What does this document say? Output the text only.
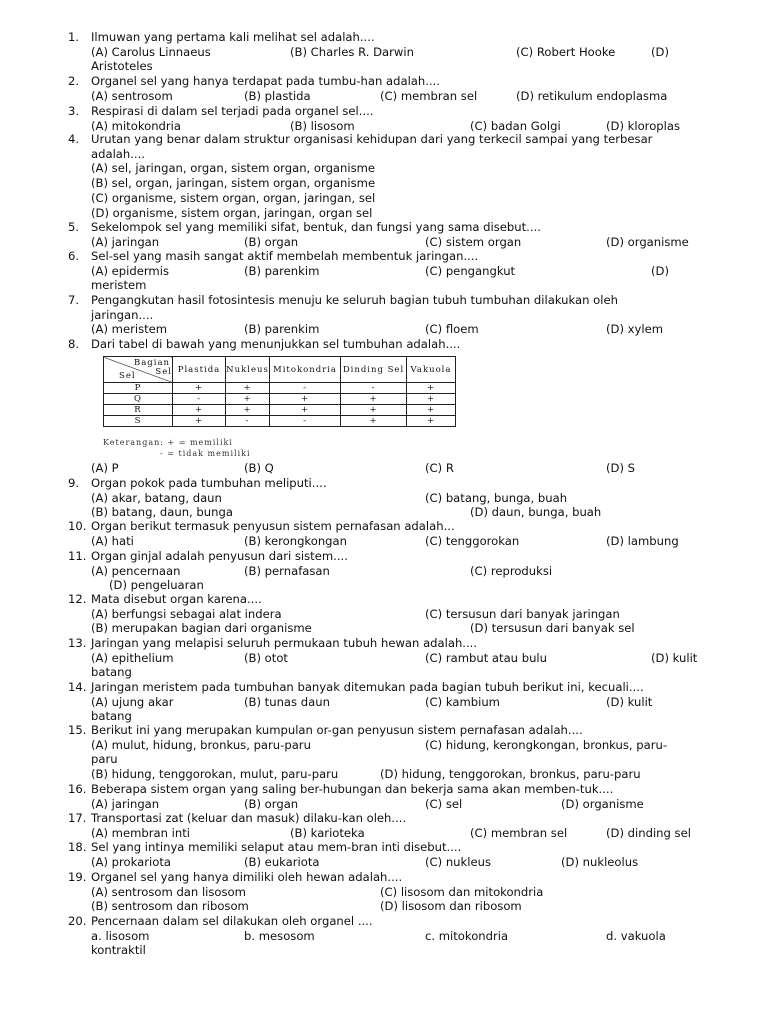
1. Ilmuwan yang pertama kali melihat sel adalah....
(A) Carolus Linnaeus	(B) Charles R. Darwin	(C) Robert Hooke	(D)
Aristoteles
2. Organel sel yang hanya terdapat pada tumbu-han adalah....
(A) sentrosom	(B) plastida	(C) membran sel	(D) retikulum endoplasma
3. Respirasi di dalam sel terjadi pada organel sel....
(A) mitokondria	(B) lisosom	(C) badan Golgi	(D) kloroplas
4. Urutan yang benar dalam struktur organisasi kehidupan dari yang terkecil sampai yang terbesar
adalah....
(A) sel, jaringan, organ, sistem organ, organisme
(B) sel, organ, jaringan, sistem organ, organisme
(C) organisme, sistem organ, organ, jaringan, sel
(D) organisme, sistem organ, jaringan, organ sel
5. Sekelompok sel yang memiliki sifat, bentuk, dan fungsi yang sama disebut....
(A) jaringan	(B) organ	(C) sistem organ	(D) organisme
6. Sel-sel yang masih sangat aktif membelah membentuk jaringan....
(A) epidermis	(B) parenkim	(C) pengangkut	(D)
meristem
7. Pengangkutan hasil fotosintesis menuju ke seluruh bagian tubuh tumbuhan dilakukan oleh
jaringan....
(A) meristem	(B) parenkim	(C) floem	(D) xylem
8. Dari tabel di bawah yang menunjukkan sel tumbuhan adalah....
(A) P	(B) Q	(C) R	(D) S
9. Organ pokok pada tumbuhan meliputi....
(A) akar, batang, daun	(C) batang, bunga, buah
(B) batang, daun, bunga	(D) daun, bunga, buah
10. Organ berikut termasuk penyusun sistem pernafasan adalah...
(A) hati	(B) kerongkongan	(C) tenggorokan	(D) lambung
11. Organ ginjal adalah penyusun dari sistem....
(A) pencernaan	(B) pernafasan	(C) reproduksi
(D) pengeluaran
12. Mata disebut organ karena....
(A) berfungsi sebagai alat indera	(C) tersusun dari banyak jaringan
(B) merupakan bagian dari organisme	(D) tersusun dari banyak sel
13. Jaringan yang melapisi seluruh permukaan tubuh hewan adalah....
(A) epithelium	(B) otot	(C) rambut atau bulu	(D) kulit
batang
14. Jaringan meristem pada tumbuhan banyak ditemukan pada bagian tubuh berikut ini, kecuali....
(A) ujung akar	(B) tunas daun	(C) kambium	(D) kulit
batang
15. Berikut ini yang merupakan kumpulan or-gan penyusun sistem pernafasan adalah....
(A) mulut, hidung, bronkus, paru-paru	(C) hidung, kerongkongan, bronkus, paru-
paru
(B) hidung, tenggorokan, mulut, paru-paru	(D) hidung, tenggorokan, bronkus, paru-paru
16. Beberapa sistem organ yang saling ber-hubungan dan bekerja sama akan memben-tuk....
(A) jaringan	(B) organ	(C) sel	(D) organisme
17. Transportasi zat (keluar dan masuk) dilaku-kan oleh....
(A) membran inti	(B) karioteka	(C) membran sel	(D) dinding sel
18. Sel yang intinya memiliki selaput atau mem-bran inti disebut....
(A) prokariota	(B) eukariota	(C) nukleus	(D) nukleolus
19. Organel sel yang hanya dimiliki oleh hewan adalah....
(A) sentrosom dan lisosom	(C) lisosom dan mitokondria
(B) sentrosom dan ribosom	(D) lisosom dan ribosom
20. Pencernaan dalam sel dilakukan oleh organel ....
a. lisosom	b. mesosom	c. mitokondria	d. vakuola
kontraktil
Bagian
Sel
Sel	Plastida	Nukleus	Mitokondria	Dinding Sel	Vakuola
P	+	+	-	-	+
Q	-	+	+	+	+
R	+	+	+	+	+
S	+	-	-	+	+
Keterangan: + = memiliki
- = tidak memiliki
